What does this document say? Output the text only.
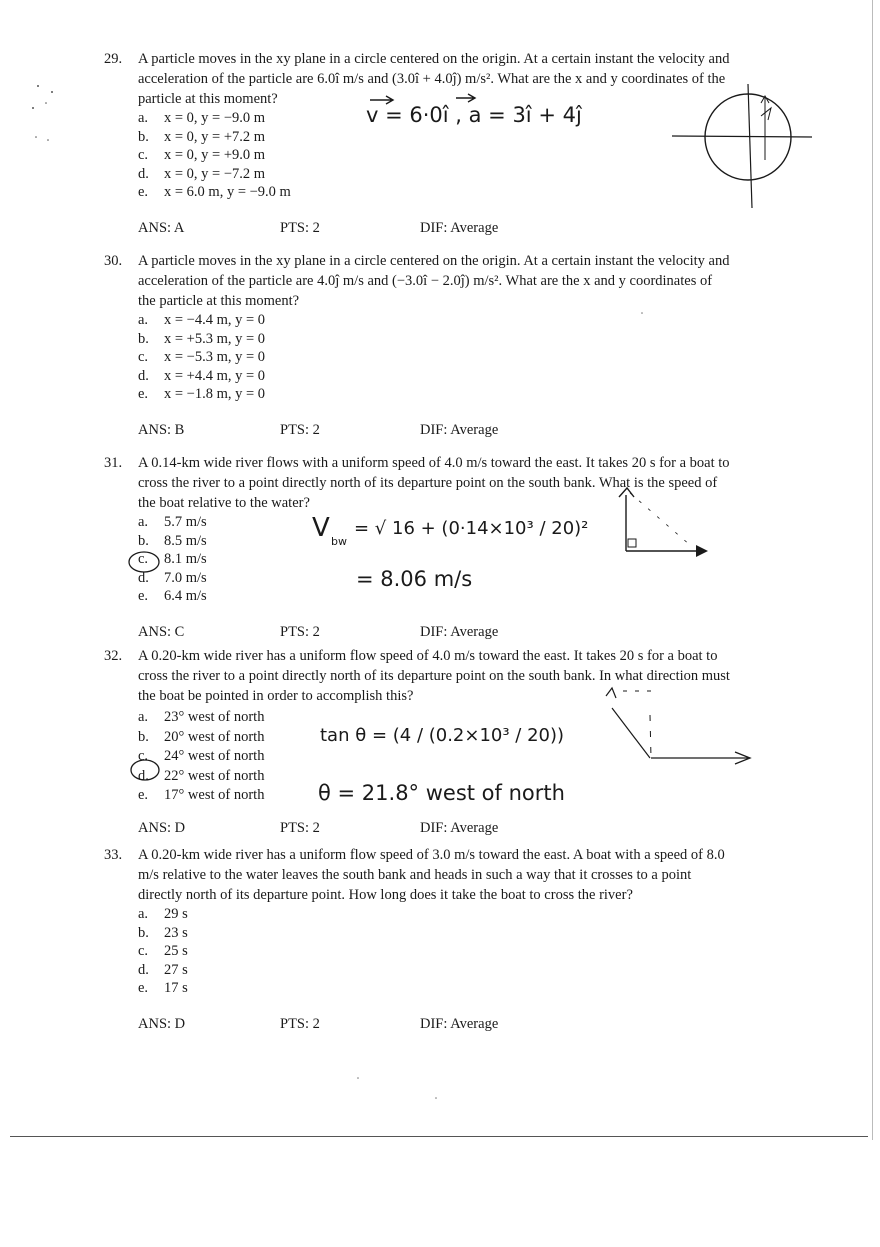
29.	A particle moves in the xy plane in a circle centered on the origin. At a certain instant the velocity and
acceleration of the particle are 6.0î m/s and (3.0î + 4.0ĵ) m/s². What are the x and y coordinates of the
particle at this moment?
a.	x = 0, y = −9.0 m
b.	x = 0, y = +7.2 m
c.	x = 0, y = +9.0 m
d.	x = 0, y = −7.2 m
e.	x = 6.0 m, y = −9.0 m
ANS: A	PTS: 2	DIF: Average
30.	A particle moves in the xy plane in a circle centered on the origin. At a certain instant the velocity and
acceleration of the particle are 4.0ĵ m/s and (−3.0î − 2.0ĵ) m/s². What are the x and y coordinates of
the particle at this moment?
a.	x = −4.4 m, y = 0
b.	x = +5.3 m, y = 0
c.	x = −5.3 m, y = 0
d.	x = +4.4 m, y = 0
e.	x = −1.8 m, y = 0
ANS: B	PTS: 2	DIF: Average
31.	A 0.14-km wide river flows with a uniform speed of 4.0 m/s toward the east. It takes 20 s for a boat to
cross the river to a point directly north of its departure point on the south bank. What is the speed of
the boat relative to the water?
a.	5.7 m/s
b.	8.5 m/s
c.	8.1 m/s
d.	7.0 m/s
e.	6.4 m/s
ANS: C	PTS: 2	DIF: Average
32.	A 0.20-km wide river has a uniform flow speed of 4.0 m/s toward the east. It takes 20 s for a boat to
cross the river to a point directly north of its departure point on the south bank. In what direction must
the boat be pointed in order to accomplish this?
a.	23° west of north
b.	20° west of north
c.	24° west of north
d.	22° west of north
e.	17° west of north
ANS: D	PTS: 2	DIF: Average
33.	A 0.20-km wide river has a uniform flow speed of 3.0 m/s toward the east. A boat with a speed of 8.0
m/s relative to the water leaves the south bank and heads in such a way that it crosses to a point
directly north of its departure point. How long does it take the boat to cross the river?
a.	29 s
b.	23 s
c.	25 s
d.	27 s
e.	17 s
ANS: D	PTS: 2	DIF: Average
v = 6·0î , a = 3î + 4ĵ
V bw
= √ 16 + (0·14×10³ / 20)²
= 8.06 m/s
tan θ = (4 / (0.2×10³ / 20))
θ = 21.8° west of north
